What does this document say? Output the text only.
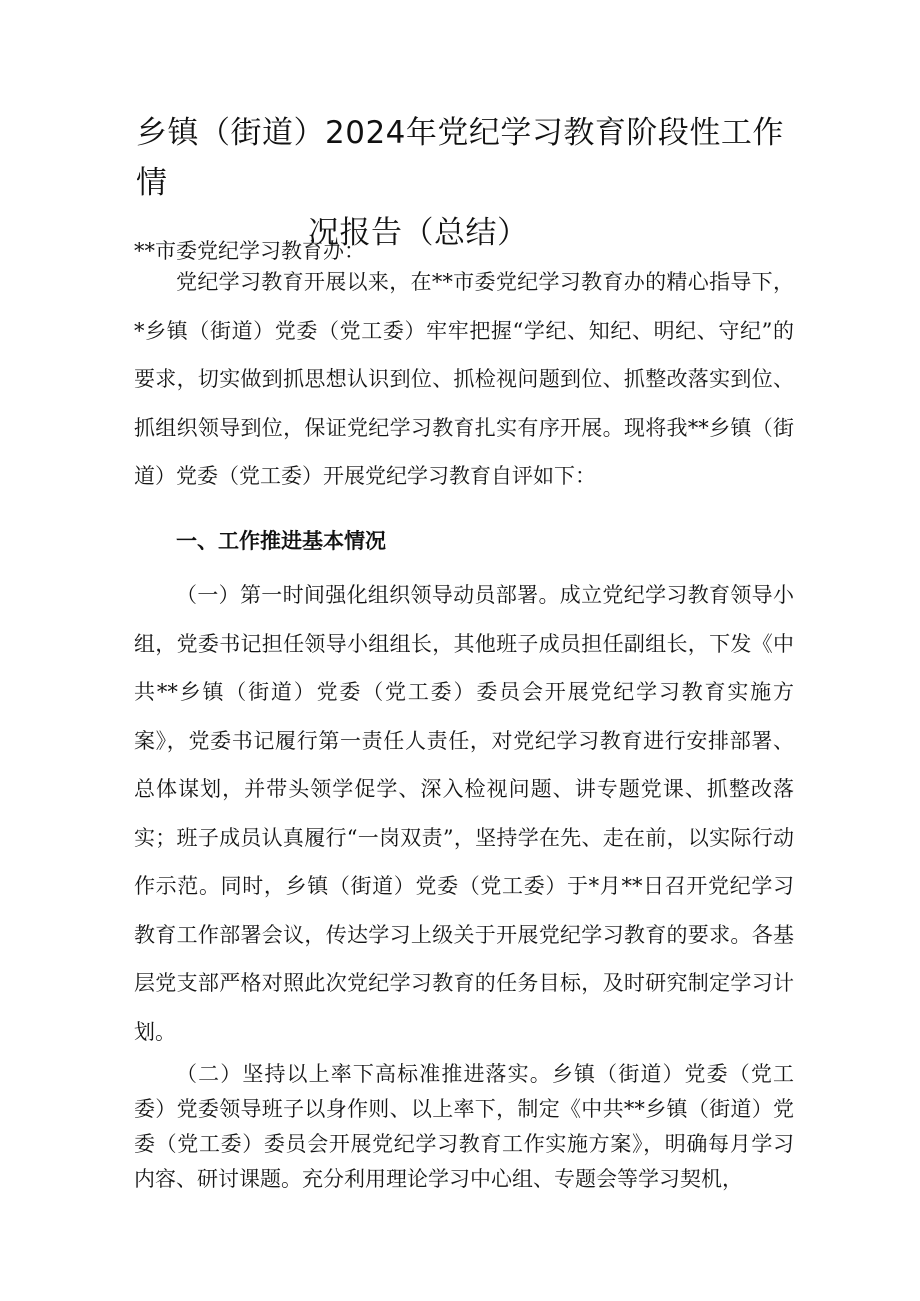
乡镇（街道）2024年党纪学习教育阶段性工作情
况报告（总结）
**市委党纪学习教育办：

党纪学习教育开展以来，在**市委党纪学习教育办的精心指导下，*乡镇（街道）党委（党工委）牢牢把握“学纪、知纪、明纪、守纪”的要求，切实做到抓思想认识到位、抓检视问题到位、抓整改落实到位、抓组织领导到位，保证党纪学习教育扎实有序开展。现将我**乡镇（街道）党委（党工委）开展党纪学习教育自评如下：

一、工作推进基本情况

（一）第一时间强化组织领导动员部署。成立党纪学习教育领导小组，党委书记担任领导小组组长，其他班子成员担任副组长，下发《中共**乡镇（街道）党委（党工委）委员会开展党纪学习教育实施方案》，党委书记履行第一责任人责任，对党纪学习教育进行安排部署、总体谋划，并带头领学促学、深入检视问题、讲专题党课、抓整改落实；班子成员认真履行“一岗双责”，坚持学在先、走在前，以实际行动作示范。同时，乡镇（街道）党委（党工委）于*月**日召开党纪学习教育工作部署会议，传达学习上级关于开展党纪学习教育的要求。各基层党支部严格对照此次党纪学习教育的任务目标，及时研究制定学习计划。

（二）坚持以上率下高标准推进落实。乡镇（街道）党委（党工委）党委领导班子以身作则、以上率下，制定《中共**乡镇（街道）党委（党工委）委员会开展党纪学习教育工作实施方案》，明确每月学习内容、研讨课题。充分利用理论学习中心组、专题会等学习契机，
